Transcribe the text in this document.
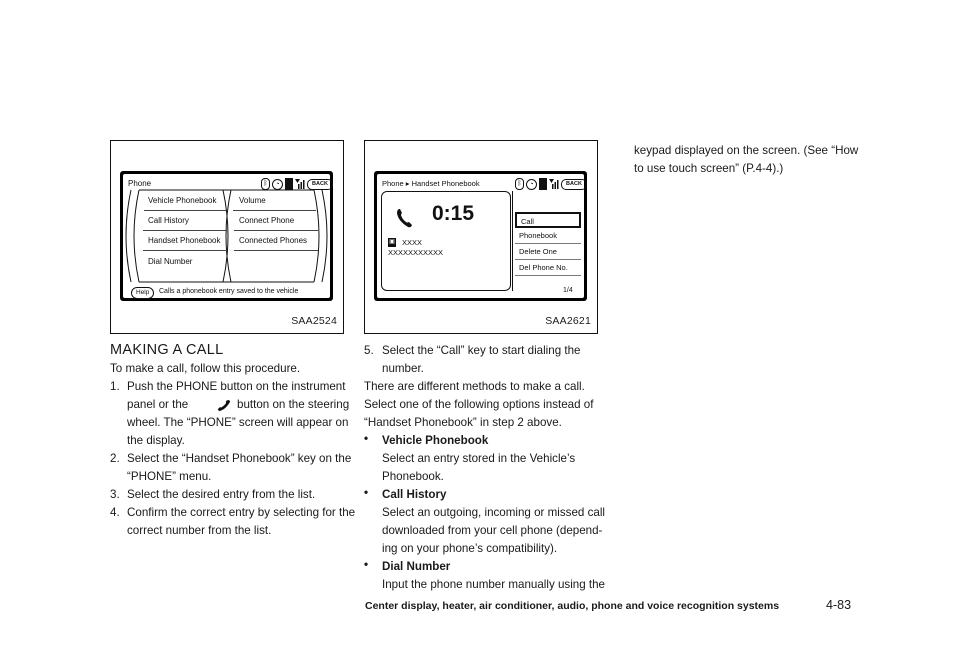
Phone	ᛒ	◔	BACK
Vehicle Phonebook
Call History
Handset Phonebook
Dial Number
Volume
Connect Phone
Connected Phones
Help	Calls a phonebook entry saved to the vehicle
SAA2524
Phone ▸ Handset Phonebook	ᛒ	◔	BACK
0:15
▣ XXXX
XXXXXXXXXXX
Call
Phonebook
Delete One
Del Phone No.
1/4
SAA2621
MAKING A CALL
To make a call, follow this procedure.
1. Push the PHONE button on the instrument
panel or the	button on the steering
wheel. The “PHONE” screen will appear on
the display.
2. Select the “Handset Phonebook” key on the
“PHONE” menu.
3. Select the desired entry from the list.
4. Confirm the correct entry by selecting for the
correct number from the list.
5. Select the “Call” key to start dialing the
number.
There are different methods to make a call.
Select one of the following options instead of
“Handset Phonebook” in step 2 above.
• Vehicle Phonebook
Select an entry stored in the Vehicle’s
Phonebook.
• Call History
Select an outgoing, incoming or missed call
downloaded from your cell phone (depend-
ing on your phone’s compatibility).
• Dial Number
Input the phone number manually using the
keypad displayed on the screen. (See “How
to use touch screen” (P.4-4).)
Center display, heater, air conditioner, audio, phone and voice recognition systems	4-83
